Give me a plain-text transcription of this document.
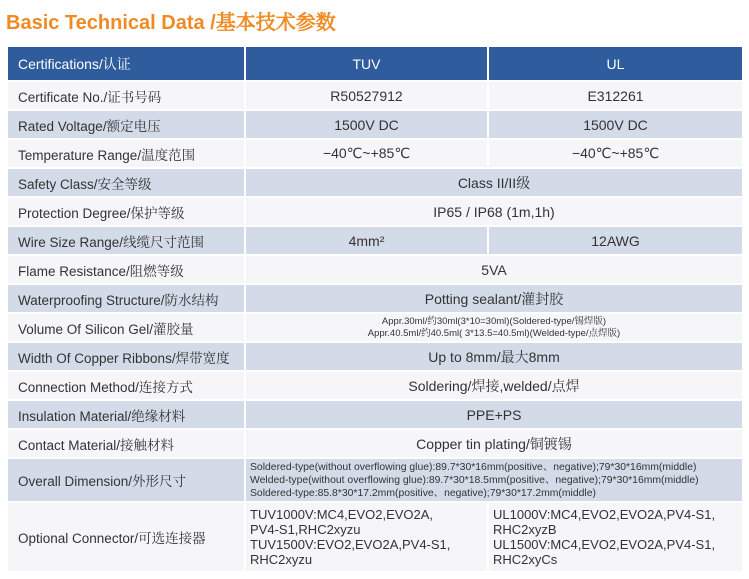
Basic Technical Data /基本技术参数
Certifications/认证	TUV	UL
Certificate No./证书号码	R50527912	E312261
Rated Voltage/额定电压	1500V DC	1500V DC
Temperature Range/温度范围	−40℃~+85℃	−40℃~+85℃
Safety Class/安全等级	Class II/II级	
Protection Degree/保护等级	IP65 / IP68 (1m,1h)	
Wire Size Range/线缆尺寸范围	4mm²	12AWG
Flame Resistance/阻燃等级	5VA	
Waterproofing Structure/防水结构	Potting sealant/灌封胶	
Volume Of Silicon Gel/灌胶量	Appr.30ml/约30ml(3*10=30ml)(Soldered-type/锡焊版)
Appr.40.5ml/约40.5ml( 3*13.5=40.5ml)(Welded-type/点焊版)	

Width Of Copper Ribbons/焊带宽度	Up to 8mm/最大8mm	
Connection Method/连接方式	Soldering/焊接,welded/点焊	
Insulation Material/绝缘材料	PPE+PS	
Contact Material/接触材料	Copper tin plating/铜镀锡	
Overall Dimension/外形尺寸	Soldered-type(without overflowing glue):89.7*30*16mm(positive、negative);79*30*16mm(middle)
Welded-type(without overflowing glue):89.7*30*18.5mm(positive、negative);79*30*16mm(middle)
Soldered-type:85.8*30*17.2mm(positive、negative);79*30*17.2mm(middle)	

Optional Connector/可选连接器	TUV1000V:MC4,EVO2,EVO2A,
PV4-S1,RHC2xyzu
TUV1500V:EVO2,EVO2A,PV4-S1,
RHC2xyzu	UL1000V:MC4,EVO2,EVO2A,PV4-S1,
RHC2xyzB
UL1500V:MC4,EVO2,EVO2A,PV4-S1,
RHC2xyCs
